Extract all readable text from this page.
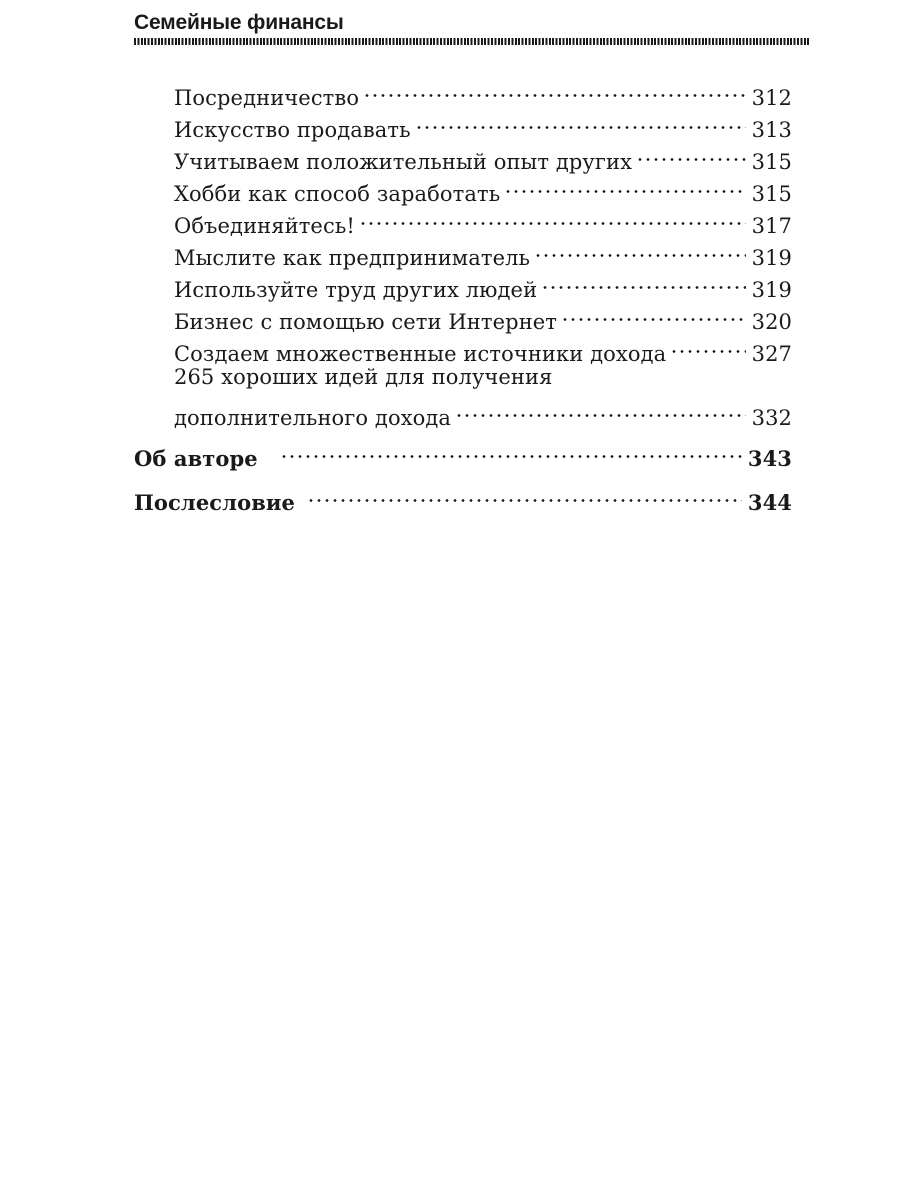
Семейные финансы
Посредничество	312
Искусство продавать	313
Учитываем положительный опыт других	315
Хобби как способ заработать	315
Объединяйтесь!	317
Мыслите как предприниматель	319
Используйте труд других людей	319
Бизнес с помощью сети Интернет	320
Создаем множественные источники дохода	327
265 хороших идей для получения
дополнительного дохода	332
Об авторе	343
Послесловие	344
